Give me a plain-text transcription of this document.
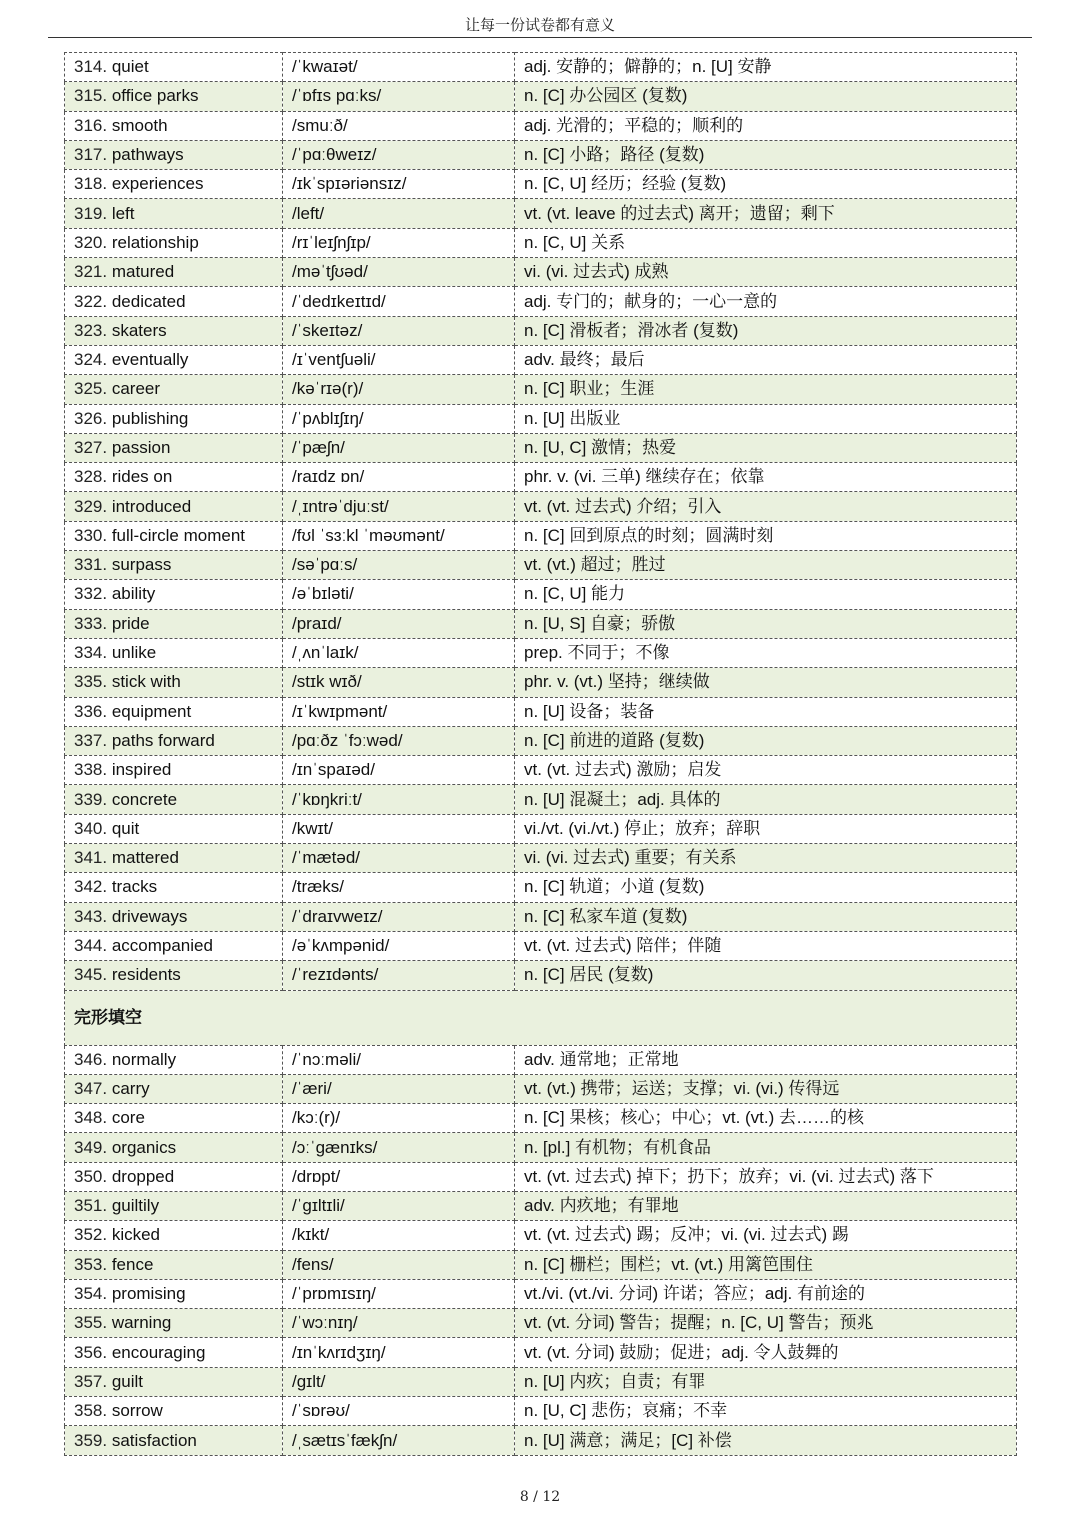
让每一份试卷都有意义
314. quiet	/ˈkwaɪət/	adj. 安静的；僻静的；n. [U] 安静
315. office parks	/ˈɒfɪs pɑːks/	n. [C] 办公园区 (复数)
316. smooth	/smuːð/	adj. 光滑的；平稳的；顺利的
317. pathways	/ˈpɑːθweɪz/	n. [C] 小路；路径 (复数)
318. experiences	/ɪkˈspɪəriənsɪz/	n. [C, U] 经历；经验 (复数)
319. left	/left/	vt. (vt. leave 的过去式) 离开；遗留；剩下
320. relationship	/rɪˈleɪʃnʃɪp/	n. [C, U] 关系
321. matured	/məˈtʃʊəd/	vi. (vi. 过去式) 成熟
322. dedicated	/ˈdedɪkeɪtɪd/	adj. 专门的；献身的；一心一意的
323. skaters	/ˈskeɪtəz/	n. [C] 滑板者；滑冰者 (复数)
324. eventually	/ɪˈventʃuəli/	adv. 最终；最后
325. career	/kəˈrɪə(r)/	n. [C] 职业；生涯
326. publishing	/ˈpʌblɪʃɪŋ/	n. [U] 出版业
327. passion	/ˈpæʃn/	n. [U, C] 激情；热爱
328. rides on	/raɪdz ɒn/	phr. v. (vi. 三单) 继续存在；依靠
329. introduced	/ˌɪntrəˈdjuːst/	vt. (vt. 过去式) 介绍；引入
330. full-circle moment	/fʊl ˈsɜːkl ˈməʊmənt/	n. [C] 回到原点的时刻；圆满时刻
331. surpass	/səˈpɑːs/	vt. (vt.) 超过；胜过
332. ability	/əˈbɪləti/	n. [C, U] 能力
333. pride	/praɪd/	n. [U, S] 自豪；骄傲
334. unlike	/ˌʌnˈlaɪk/	prep. 不同于；不像
335. stick with	/stɪk wɪð/	phr. v. (vt.) 坚持；继续做
336. equipment	/ɪˈkwɪpmənt/	n. [U] 设备；装备
337. paths forward	/pɑːðz ˈfɔːwəd/	n. [C] 前进的道路 (复数)
338. inspired	/ɪnˈspaɪəd/	vt. (vt. 过去式) 激励；启发
339. concrete	/ˈkɒŋkriːt/	n. [U] 混凝土；adj. 具体的
340. quit	/kwɪt/	vi./vt. (vi./vt.) 停止；放弃；辞职
341. mattered	/ˈmætəd/	vi. (vi. 过去式) 重要；有关系
342. tracks	/træks/	n. [C] 轨道；小道 (复数)
343. driveways	/ˈdraɪvweɪz/	n. [C] 私家车道 (复数)
344. accompanied	/əˈkʌmpənid/	vt. (vt. 过去式) 陪伴；伴随
345. residents	/ˈrezɪdənts/	n. [C] 居民 (复数)
完形填空		
346. normally	/ˈnɔːməli/	adv. 通常地；正常地
347. carry	/ˈæri/	vt. (vt.) 携带；运送；支撑；vi. (vi.) 传得远
348. core	/kɔː(r)/	n. [C] 果核；核心；中心；vt. (vt.) 去……的核
349. organics	/ɔːˈgænɪks/	n. [pl.] 有机物；有机食品
350. dropped	/drɒpt/	vt. (vt. 过去式) 掉下；扔下；放弃；vi. (vi. 过去式) 落下
351. guiltily	/ˈgɪltɪli/	adv. 内疚地；有罪地
352. kicked	/kɪkt/	vt. (vt. 过去式) 踢；反冲；vi. (vi. 过去式) 踢
353. fence	/fens/	n. [C] 栅栏；围栏；vt. (vt.) 用篱笆围住
354. promising	/ˈprɒmɪsɪŋ/	vt./vi. (vt./vi. 分词) 许诺；答应；adj. 有前途的
355. warning	/ˈwɔːnɪŋ/	vt. (vt. 分词) 警告；提醒；n. [C, U] 警告；预兆
356. encouraging	/ɪnˈkʌrɪdʒɪŋ/	vt. (vt. 分词) 鼓励；促进；adj. 令人鼓舞的
357. guilt	/gɪlt/	n. [U] 内疚；自责；有罪
358. sorrow	/ˈsɒrəʊ/	n. [U, C] 悲伤；哀痛；不幸
359. satisfaction	/ˌsætɪsˈfækʃn/	n. [U] 满意；满足；[C] 补偿
8 / 12
